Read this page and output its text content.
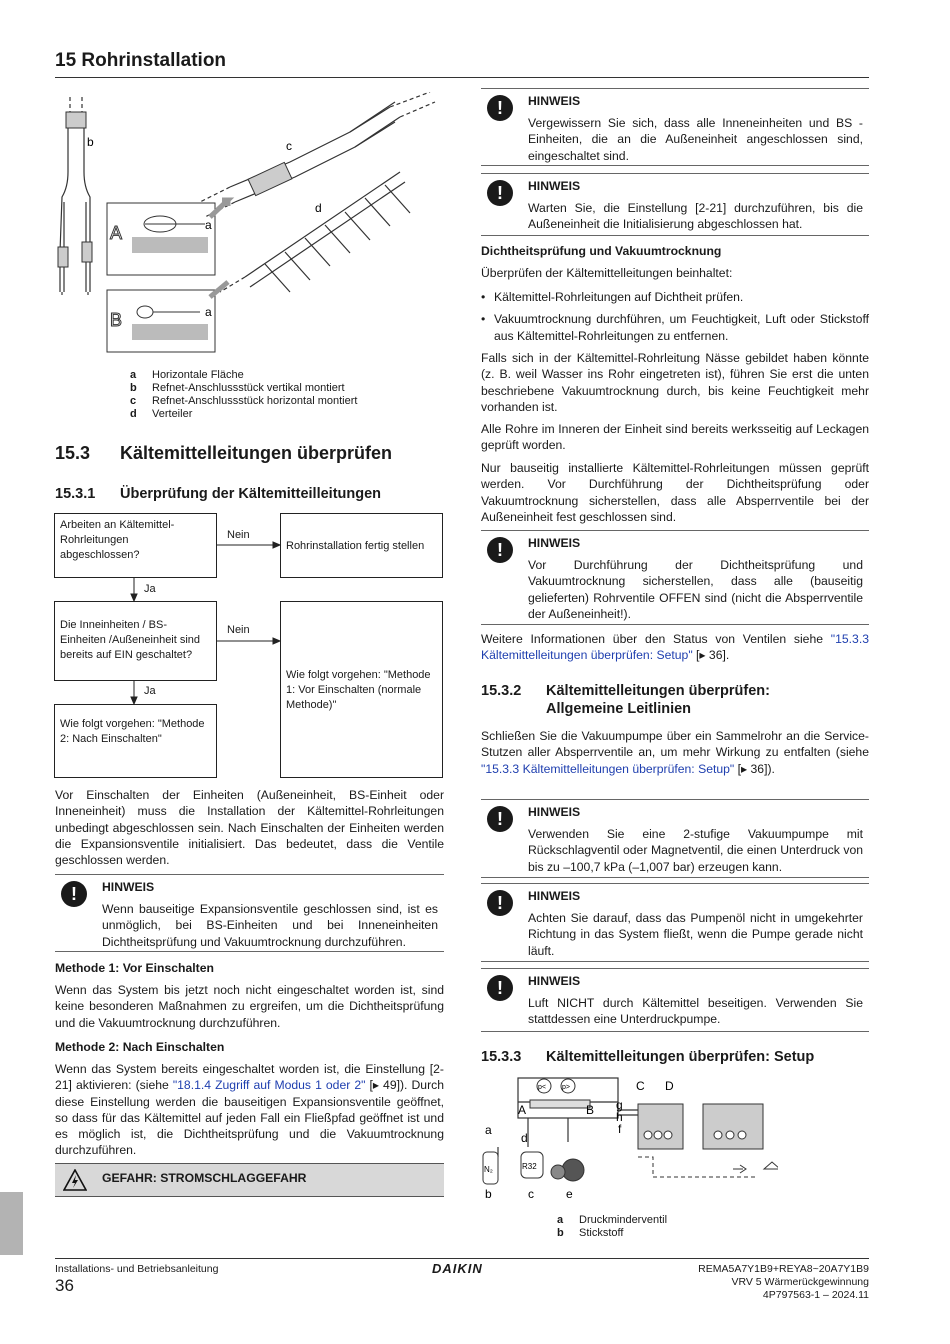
15 Rohrinstallation
b	c
d
A	a
B	a
a Horizontale Fläche
b Refnet-Anschlussstück vertikal montiert
c Refnet-Anschlussstück horizontal montiert
d Verteiler
15.3 Kältemittelleitungen überprüfen
15.3.1 Überprüfung der Kältemitteilleitungen
Arbeiten an Kältemittel-Rohrleitungen abgeschlossen?
Rohrinstallation fertig stellen
Nein
Ja
Die Inneinheiten / BS-Einheiten /Außeneinheit sind bereits auf EIN geschaltet?
Wie folgt vorgehen: "Methode 1: Vor Einschalten (normale Methode)"
Nein
Ja
Wie folgt vorgehen: "Methode 2: Nach Einschalten"

Vor Einschalten der Einheiten (Außeneinheit, BS-Einheit oder Inneneinheit) muss die Installation der Kältemittel-Rohrleitungen unbedingt abgeschlossen sein. Nach Einschalten der Einheiten werden die Expansionsventile initialisiert. Das bedeutet, dass die Ventile geschlossen werden.

!	HINWEIS

Wenn bauseitige Expansionsventile geschlossen sind, ist es unmöglich, bei BS-Einheiten und bei Inneneinheiten Dichtheitsprüfung und Vakuumtrocknung durchzuführen.

Methode 1: Vor Einschalten

Wenn das System bis jetzt noch nicht eingeschaltet worden ist, sind keine besonderen Maßnahmen zu ergreifen, um die Dichtheitsprüfung und die Vakuumtrocknung durchzuführen.

Methode 2: Nach Einschalten

Wenn das System bereits eingeschaltet worden ist, die Einstellung [2-21] aktivieren: (siehe "18.1.4 Zugriff auf Modus 1 oder 2" [▸ 49]). Durch diese Einstellung werden die bauseitigen Expansionsventile geöffnet, so dass für das Kältemittel auf jeden Fall ein Fließpfad geöffnet ist und es möglich ist, die Dichtheitsprüfung und die Vakuumtrocknung durchzuführen.

GEFAHR: STROMSCHLAGGEFAHR
!	HINWEIS

Vergewissern Sie sich, dass alle Inneneinheiten und BS -Einheiten, die an die Außeneinheit angeschlossen sind, eingeschaltet sind.

!	HINWEIS

Warten Sie, die Einstellung [2-21] durchzuführen, bis die Außeneinheit die Initialisierung abgeschlossen hat.

Dichtheitsprüfung und Vakuumtrocknung

Überprüfen der Kältemittelleitungen beinhaltet:

• Kältemittel-Rohrleitungen auf Dichtheit prüfen.
• Vakuumtrocknung durchführen, um Feuchtigkeit, Luft oder Stickstoff aus Kältemittel-Rohrleitungen zu entfernen.

Falls sich in der Kältemittel-Rohrleitung Nässe gebildet haben könnte (z. B. weil Wasser ins Rohr eingetreten ist), führen Sie erst die unten beschriebene Vakuumtrocknung durch, bis keine Feuchtigkeit mehr vorhanden ist.

Alle Rohre im Inneren der Einheit sind bereits werksseitig auf Leckagen geprüft worden.

Nur bauseitig installierte Kältemittel-Rohrleitungen müssen geprüft werden. Vor Durchführung der Dichtheitsprüfung oder Vakuumtrocknung sicherstellen, dass alle Absperrventile bei der Außeneinheit fest geschlossen sind.

!	HINWEIS

Vor Durchführung der Dichtheitsprüfung und Vakuumtrocknung sicherstellen, dass alle (bauseitig gelieferten) Rohrventile OFFEN sind (nicht die Absperrventile der Außeneinheit!).

Weitere Informationen über den Status von Ventilen siehe "15.3.3 Kältemittelleitungen überprüfen: Setup" [▸ 36].

15.3.2 Kältemittelleitungen überprüfen: Allgemeine Leitlinien

Schließen Sie die Vakuumpumpe über ein Sammelrohr an die Service-Stutzen aller Absperrventile an, um mehr Wirkung zu entfalten (siehe "15.3.3 Kältemittelleitungen überprüfen: Setup" [▸ 36]).

!	HINWEIS

Verwenden Sie eine 2-stufige Vakuumpumpe mit Rückschlagventil oder Magnetventil, die einen Unterdruck von bis zu –100,7 kPa (–1,007 bar) erzeugen kann.

!	HINWEIS

Achten Sie darauf, dass das Pumpenöl nicht in umgekehrter Richtung in das System fließt, wenn die Pumpe gerade nicht läuft.

!	HINWEIS

Luft NICHT durch Kältemittel beseitigen. Verwenden Sie stattdessen eine Unterdruckpumpe.

15.3.3 Kältemittelleitungen überprüfen: Setup
p< p>
N₂	R32
C D
A	B g
h
f
a
d
b	c	e
a Druckminderventil
b Stickstoff
Installations- und Betriebsanleitung
36
DAIKIN	REMA5A7Y1B9+REYA8~20A7Y1B9
VRV 5 Wärmerückgewinnung
4P797563-1 – 2024.11
